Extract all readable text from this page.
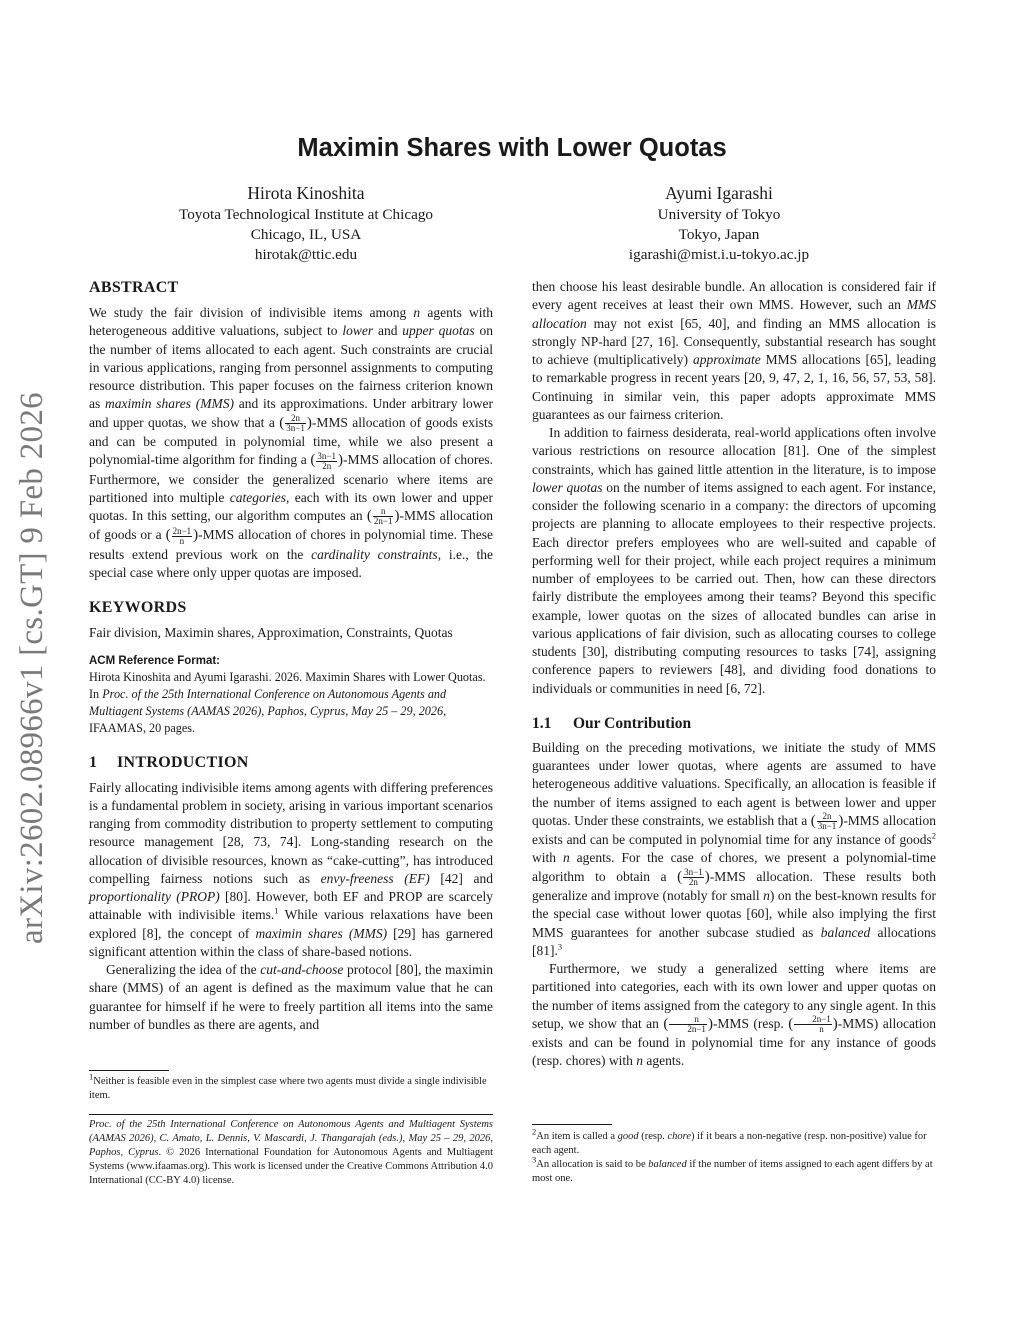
arXiv:2602.08966v1 [cs.GT] 9 Feb 2026
Maximin Shares with Lower Quotas
Hirota Kinoshita
Toyota Technological Institute at Chicago
Chicago, IL, USA
hirotak@ttic.edu
Ayumi Igarashi
University of Tokyo
Tokyo, Japan
igarashi@mist.i.u-tokyo.ac.jp
ABSTRACT

We study the fair division of indivisible items among n agents with heterogeneous additive valuations, subject to lower and upper quotas on the number of items allocated to each agent. Such constraints are crucial in various applications, ranging from personnel assignments to computing resource distribution. This paper focuses on the fairness criterion known as maximin shares (MMS) and its approximations. Under arbitrary lower and upper quotas, we show that a ( $\frac{2n}{3n-1} )-MMS$ allocation of goods exists and can be computed in polynomial time, while we also present a polynomial-time algorithm for finding a ( $\frac{3n-1}{2n} )-MMS$ allocation of chores. Furthermore, we consider the generalized scenario where items are partitioned into multiple categories, each with its own lower and upper quotas. In this setting, our algorithm computes an ( $\frac{n}{2n-1} )-MMS$ allocation of goods or a ( $\frac{2n-1}{n} )-MMS$ allocation of chores in polynomial time. These results extend previous work on the cardinality constraints, i.e., the special case where only upper quotas are imposed.

KEYWORDS

Fair division, Maximin shares, Approximation, Constraints, Quotas

ACM Reference Format:

Hirota Kinoshita and Ayumi Igarashi. 2026. Maximin Shares with Lower Quotas. In Proc. of the 25th International Conference on Autonomous Agents and Multiagent Systems (AAMAS 2026), Paphos, Cyprus, May 25 – 29, 2026, IFAAMAS, 20 pages.

1 INTRODUCTION

Fairly allocating indivisible items among agents with differing preferences is a fundamental problem in society, arising in various important scenarios ranging from commodity distribution to property settlement to computing resource management [28, 73, 74]. Long-standing research on the allocation of divisible resources, known as “cake-cutting”, has introduced compelling fairness notions such as envy-freeness (EF) [42] and proportionality (PROP) [80]. However, both EF and PROP are scarcely attainable with indivisible items.$^1$ While various relaxations have been explored [8], the concept of maximin shares (MMS) [29] has garnered significant attention within the class of share-based notions.

Generalizing the idea of the cut-and-choose protocol [80], the maximin share (MMS) of an agent is defined as the maximum value that he can guarantee for himself if he were to freely partition all items into the same number of bundles as there are agents, and

$^1$Neither is feasible even in the simplest case where two agents must divide a single indivisible item.
Proc. of the 25th International Conference on Autonomous Agents and Multiagent Systems (AAMAS 2026), C. Amato, L. Dennis, V. Mascardi, J. Thangarajah (eds.), May 25 – 29, 2026, Paphos, Cyprus. © 2026 International Foundation for Autonomous Agents and Multiagent Systems (www.ifaamas.org). This work is licensed under the Creative Commons Attribution 4.0 International (CC-BY 4.0) license.

then choose his least desirable bundle. An allocation is considered fair if every agent receives at least their own MMS. However, such an MMS allocation may not exist [65, 40], and finding an MMS allocation is strongly NP-hard [27, 16]. Consequently, substantial research has sought to achieve (multiplicatively) approximate MMS allocations [65], leading to remarkable progress in recent years [20, 9, 47, 2, 1, 16, 56, 57, 53, 58]. Continuing in similar vein, this paper adopts approximate MMS guarantees as our fairness criterion.

In addition to fairness desiderata, real-world applications often involve various restrictions on resource allocation [81]. One of the simplest constraints, which has gained little attention in the literature, is to impose lower quotas on the number of items assigned to each agent. For instance, consider the following scenario in a company: the directors of upcoming projects are planning to allocate employees to their respective projects. Each director prefers employees who are well-suited and capable of performing well for their project, while each project requires a minimum number of employees to be carried out. Then, how can these directors fairly distribute the employees among their teams? Beyond this specific example, lower quotas on the sizes of allocated bundles can arise in various applications of fair division, such as allocating courses to college students [30], distributing computing resources to tasks [74], assigning conference papers to reviewers [48], and dividing food donations to individuals or communities in need [6, 72].

1.1 Our Contribution

Building on the preceding motivations, we initiate the study of MMS guarantees under lower quotas, where agents are assumed to have heterogeneous additive valuations. Specifically, an allocation is feasible if the number of items assigned to each agent is between lower and upper quotas. Under these constraints, we establish that a ( $\frac{2n}{3n-1} )-MMS$ allocation exists and can be computed in polynomial time for any instance of goods$^2$ with n agents. For the case of chores, we present a polynomial-time algorithm to obtain a ( $\frac{3n-1}{2n} )-MMS$ allocation. These results both generalize and improve (notably for small n) on the best-known results for the special case without lower quotas [60], while also implying the first MMS guarantees for another subcase studied as balanced allocations [81].$^3$

Furthermore, we study a generalized setting where items are partitioned into categories, each with its own lower and upper quotas on the number of items assigned from the category to any single agent. In this setup, we show that an ( $\frac{n}{2n-1} )-MMS$ (resp. ( $\frac{2n-1}{n} )-MMS$) allocation exists and can be found in polynomial time for any instance of goods (resp. chores) with n agents.

$^2$An item is called a good (resp. chore) if it bears a non-negative (resp. non-positive) value for each agent.
$^3$An allocation is said to be balanced if the number of items assigned to each agent differs by at most one.
